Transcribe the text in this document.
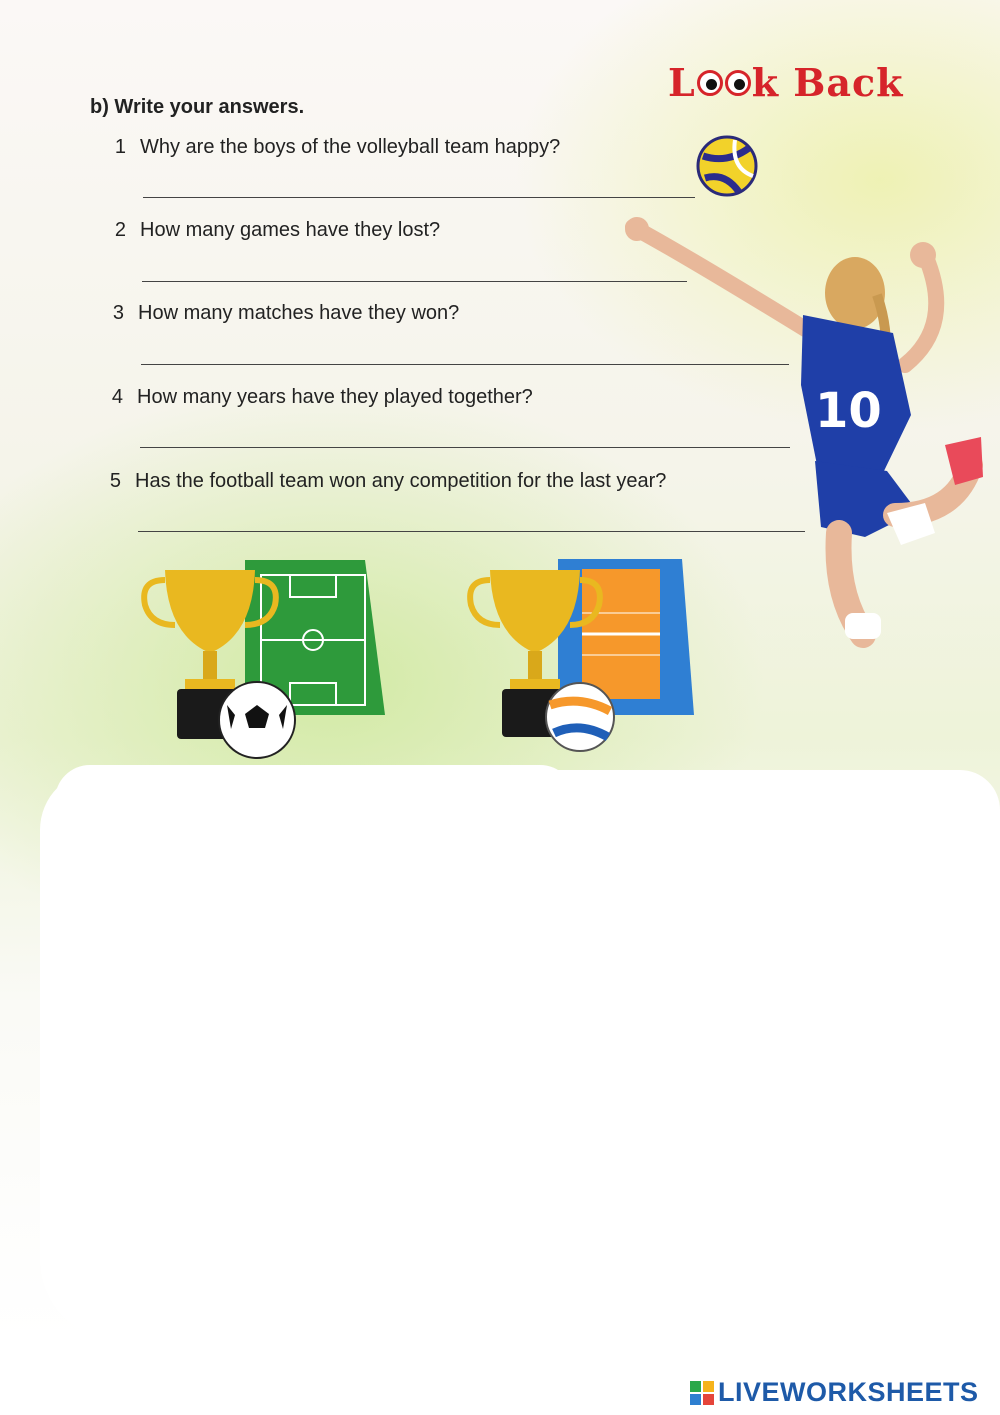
L k Back
b) Write your answers.
1 Why are the boys of the volleyball team happy?
2 How many games have they lost?
3 How many matches have they won?
4 How many years have they played together?
5 Has the football team won any competition for the last year?
10
LIVEWORKSHEETS
